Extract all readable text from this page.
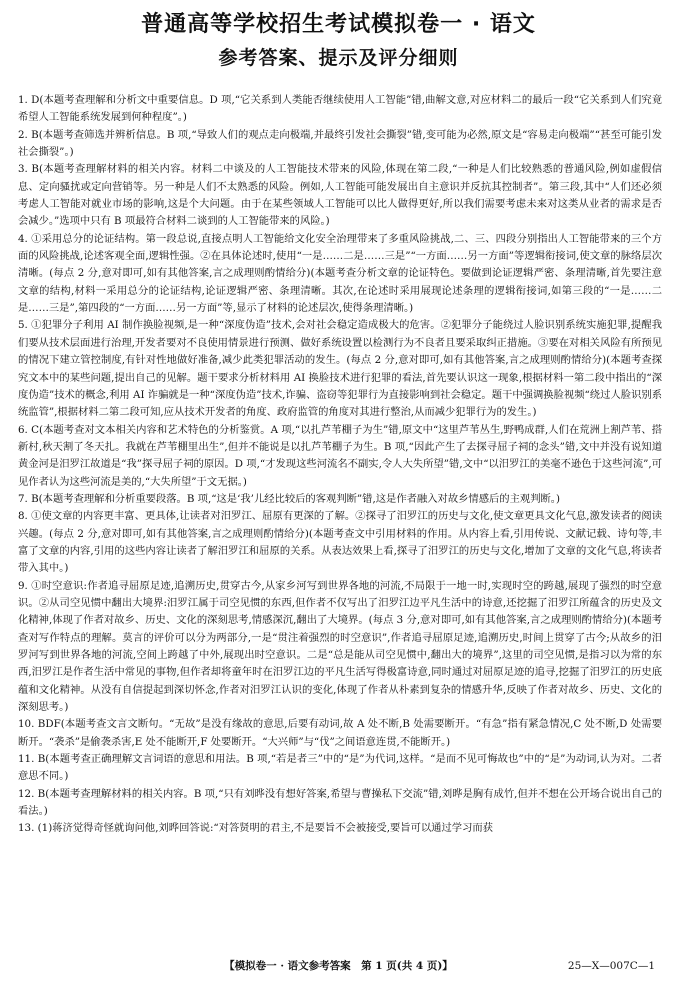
普通高等学校招生考试模拟卷一 · 语文
参考答案、提示及评分细则

1. D(本题考查理解和分析文中重要信息。D 项,“它关系到人类能否继续使用人工智能”错,曲解文意,对应材料二的最后一段“它关系到人们究竟希望人工智能系统发展到何种程度”。)

2. B(本题考查筛选并辨析信息。B 项,“导致人们的观点走向极端,并最终引发社会撕裂”错,变可能为必然,原文是“容易走向极端”“甚至可能引发社会撕裂”。)

3. B(本题考查理解材料的相关内容。材料二中谈及的人工智能技术带来的风险,体现在第二段,“一种是人们比较熟悉的普通风险,例如虚假信息、定向骚扰或定向营销等。另一种是人们不太熟悉的风险。例如,人工智能可能发展出自主意识并反抗其控制者”。第三段,其中“人们还必须考虑人工智能对就业市场的影响,这是个大问题。由于在某些领域人工智能可以比人做得更好,所以我们需要考虑未来对这类从业者的需求是否会减少。”选项中只有 B 项最符合材料二谈到的人工智能带来的风险。)

4. ①采用总分的论证结构。第一段总说,直接点明人工智能给文化安全治理带来了多重风险挑战,二、三、四段分别指出人工智能带来的三个方面的风险挑战,论述客观全面,逻辑性强。②在具体论述时,使用“一是……二是……三是”“一方面……另一方面”等逻辑衔接词,使文章的脉络层次清晰。(每点 2 分,意对即可,如有其他答案,言之成理则酌情给分)(本题考查分析文章的论证特色。要做到论证逻辑严密、条理清晰,首先要注意文章的结构,材料一采用总分的论证结构,论证逻辑严密、条理清晰。其次,在论述时采用展现论述条理的逻辑衔接词,如第三段的“一是……二是……三是”,第四段的“一方面……另一方面”等,显示了材料的论述层次,使得条理清晰。)

5. ①犯罪分子利用 AI 制作换脸视频,是一种“深度伪造”技术,会对社会稳定造成极大的危害。②犯罪分子能绕过人脸识别系统实施犯罪,提醒我们要从技术层面进行治理,开发者要对不良使用情景进行预测、做好系统设置以检测行为不良者且要采取纠正措施。③要在对相关风险有所预见的情况下建立管控制度,有针对性地做好准备,减少此类犯罪活动的发生。(每点 2 分,意对即可,如有其他答案,言之成理则酌情给分)(本题考查探究文本中的某些问题,提出自己的见解。题干要求分析材料用 AI 换脸技术进行犯罪的看法,首先要认识这一现象,根据材料一第二段中指出的“深度伪造”技术的概念,利用 AI 诈骗就是一种“深度伪造”技术,诈骗、盗窃等犯罪行为直接影响到社会稳定。题干中强调换脸视频“绕过人脸识别系统监管”,根据材料二第二段可知,应从技术开发者的角度、政府监管的角度对其进行整治,从而减少犯罪行为的发生。)

6. C(本题考查对文本相关内容和艺术特色的分析鉴赏。A 项,“以扎芦苇棚子为生”错,原文中“这里芦苇丛生,野鸭成群,人们在荒洲上割芦苇、搭新村,秋天割了冬天扎。我就在芦苇棚里出生”,但并不能说是以扎芦苇棚子为生。B 项,“因此产生了去探寻屈子祠的念头”错,文中并没有说知道黄金河是汨罗江故道是“我”探寻屈子祠的原因。D 项,“才发现这些河流名不副实,令人大失所望”错,文中“以汨罗江的美毫不逊色于这些河流”,可见作者认为这些河流是美的,“大失所望”于文无据。)

7. B(本题考查理解和分析重要段落。B 项,“这是‘我’儿经比较后的客观判断”错,这是作者融入对故乡情感后的主观判断。)

8. ①使文章的内容更丰富、更具体,让读者对汨罗江、屈原有更深的了解。②探寻了汨罗江的历史与文化,使文章更具文化气息,激发读者的阅读兴趣。(每点 2 分,意对即可,如有其他答案,言之成理则酌情给分)(本题考查文中引用材料的作用。从内容上看,引用传说、文献记载、诗句等,丰富了文章的内容,引用的这些内容让读者了解汨罗江和屈原的关系。从表达效果上看,探寻了汨罗江的历史与文化,增加了文章的文化气息,将读者带入其中。)

9. ①时空意识:作者追寻屈原足迹,追溯历史,贯穿古今,从家乡河写到世界各地的河流,不局限于一地一时,实现时空的跨越,展现了强烈的时空意识。②从司空见惯中翻出大境界:汨罗江属于司空见惯的东西,但作者不仅写出了汨罗江边平凡生活中的诗意,还挖掘了汨罗江所蕴含的历史及文化精神,体现了作者对故乡、历史、文化的深刻思考,情感深沉,翻出了大境界。(每点 3 分,意对即可,如有其他答案,言之成理则酌情给分)(本题考查对写作特点的理解。莫言的评价可以分为两部分,一是“贯注着强烈的时空意识”,作者追寻屈原足迹,追溯历史,时间上贯穿了古今;从故乡的汨罗河写到世界各地的河流,空间上跨越了中外,展现出时空意识。二是“总是能从司空见惯中,翻出大的境界”,这里的司空见惯,是指习以为常的东西,汨罗江是作者生活中常见的事物,但作者却将童年时在汨罗江边的平凡生活写得极富诗意,同时通过对屈原足迹的追寻,挖掘了汨罗江的历史底蕴和文化精神。从没有自信提起到深切怀念,作者对汨罗江认识的变化,体现了作者从朴素到复杂的情感升华,反映了作者对故乡、历史、文化的深刻思考。)

10. BDF(本题考查文言文断句。“无故”是没有缘故的意思,后要有动词,故 A 处不断,B 处需要断开。“有急”指有紧急情况,C 处不断,D 处需要断开。“袭杀”是偷袭杀害,E 处不能断开,F 处要断开。“大兴师”与“伐”之间语意连贯,不能断开。)

11. B(本题考查正确理解文言词语的意思和用法。B 项,“若是者三”中的“是”为代词,这样。“是而不见可悔故也”中的“是”为动词,认为对。二者意思不同。)

12. B(本题考查理解材料的相关内容。B 项,“只有刘晔没有想好答案,希望与曹操私下交流”错,刘晔是胸有成竹,但并不想在公开场合说出自己的看法。)

13. (1)蒋济觉得奇怪就询问他,刘晔回答说:“对答贤明的君主,不是要旨不会被接受,要旨可以通过学习而获

【模拟卷一 · 语文参考答案　第 1 页(共 4 页)】	25—X—007C—1
